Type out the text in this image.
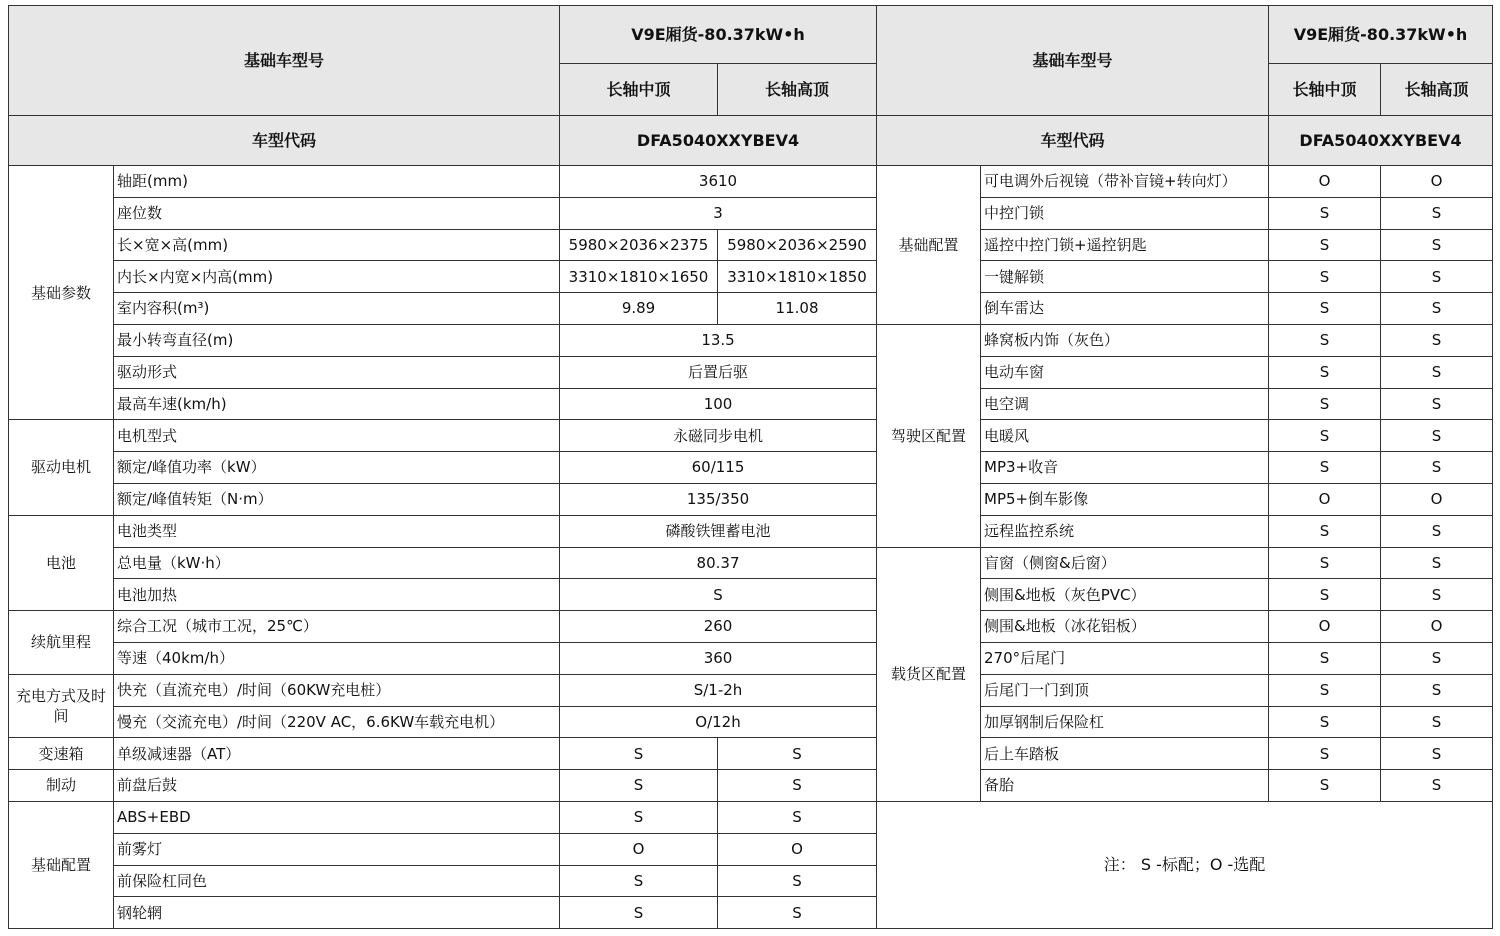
基础车型号		V9E厢货-80.37kW•h	
		长轴中顶	长轴高顶
车型代码		DFA5040XXYBEV4	
基础参数	轴距(mm)	3610	
	座位数	3	
	长×宽×高(mm)	5980×2036×2375	5980×2036×2590
	内长×内宽×内高(mm)	3310×1810×1650	3310×1810×1850
	室内容积(m³)	9.89	11.08
	最小转弯直径(m)	13.5	
	驱动形式	后置后驱	
	最高车速(km/h)	100	
驱动电机	电机型式	永磁同步电机	
	额定/峰值功率（kW）	60/115	
	额定/峰值转矩（N·m）	135/350	
电池	电池类型	磷酸铁锂蓄电池	
	总电量（kW·h）	80.37	
	电池加热	S	
续航里程	综合工况（城市工况，25℃）	260	
	等速（40km/h）	360	
充电方式及时间	快充（直流充电）/时间（60KW充电桩）	S/1-2h	
	慢充（交流充电）/时间（220V AC，6.6KW车载充电机）	O/12h	
变速箱	单级减速器（AT）	S	S
制动	前盘后鼓	S	S
基础配置	ABS+EBD	S	S
	前雾灯	O	O
	前保险杠同色	S	S
	钢轮辋	S	S
基础车型号		V9E厢货-80.37kW•h	
		长轴中顶	长轴高顶
车型代码		DFA5040XXYBEV4	
基础配置	可电调外后视镜（带补盲镜+转向灯）	O	O
	中控门锁	S	S
	遥控中控门锁+遥控钥匙	S	S
	一键解锁	S	S
	倒车雷达	S	S
驾驶区配置	蜂窝板内饰（灰色）	S	S
	电动车窗	S	S
	电空调	S	S
	电暖风	S	S
	MP3+收音	S	S
	MP5+倒车影像	O	O
	远程监控系统	S	S
载货区配置	盲窗（侧窗&后窗）	S	S
	侧围&地板（灰色PVC）	S	S
	侧围&地板（冰花铝板）	O	O
	270°后尾门	S	S
	后尾门一门到顶	S	S
	加厚钢制后保险杠	S	S
	后上车踏板	S	S
	备胎	S	S
注： S -标配；O -选配			
